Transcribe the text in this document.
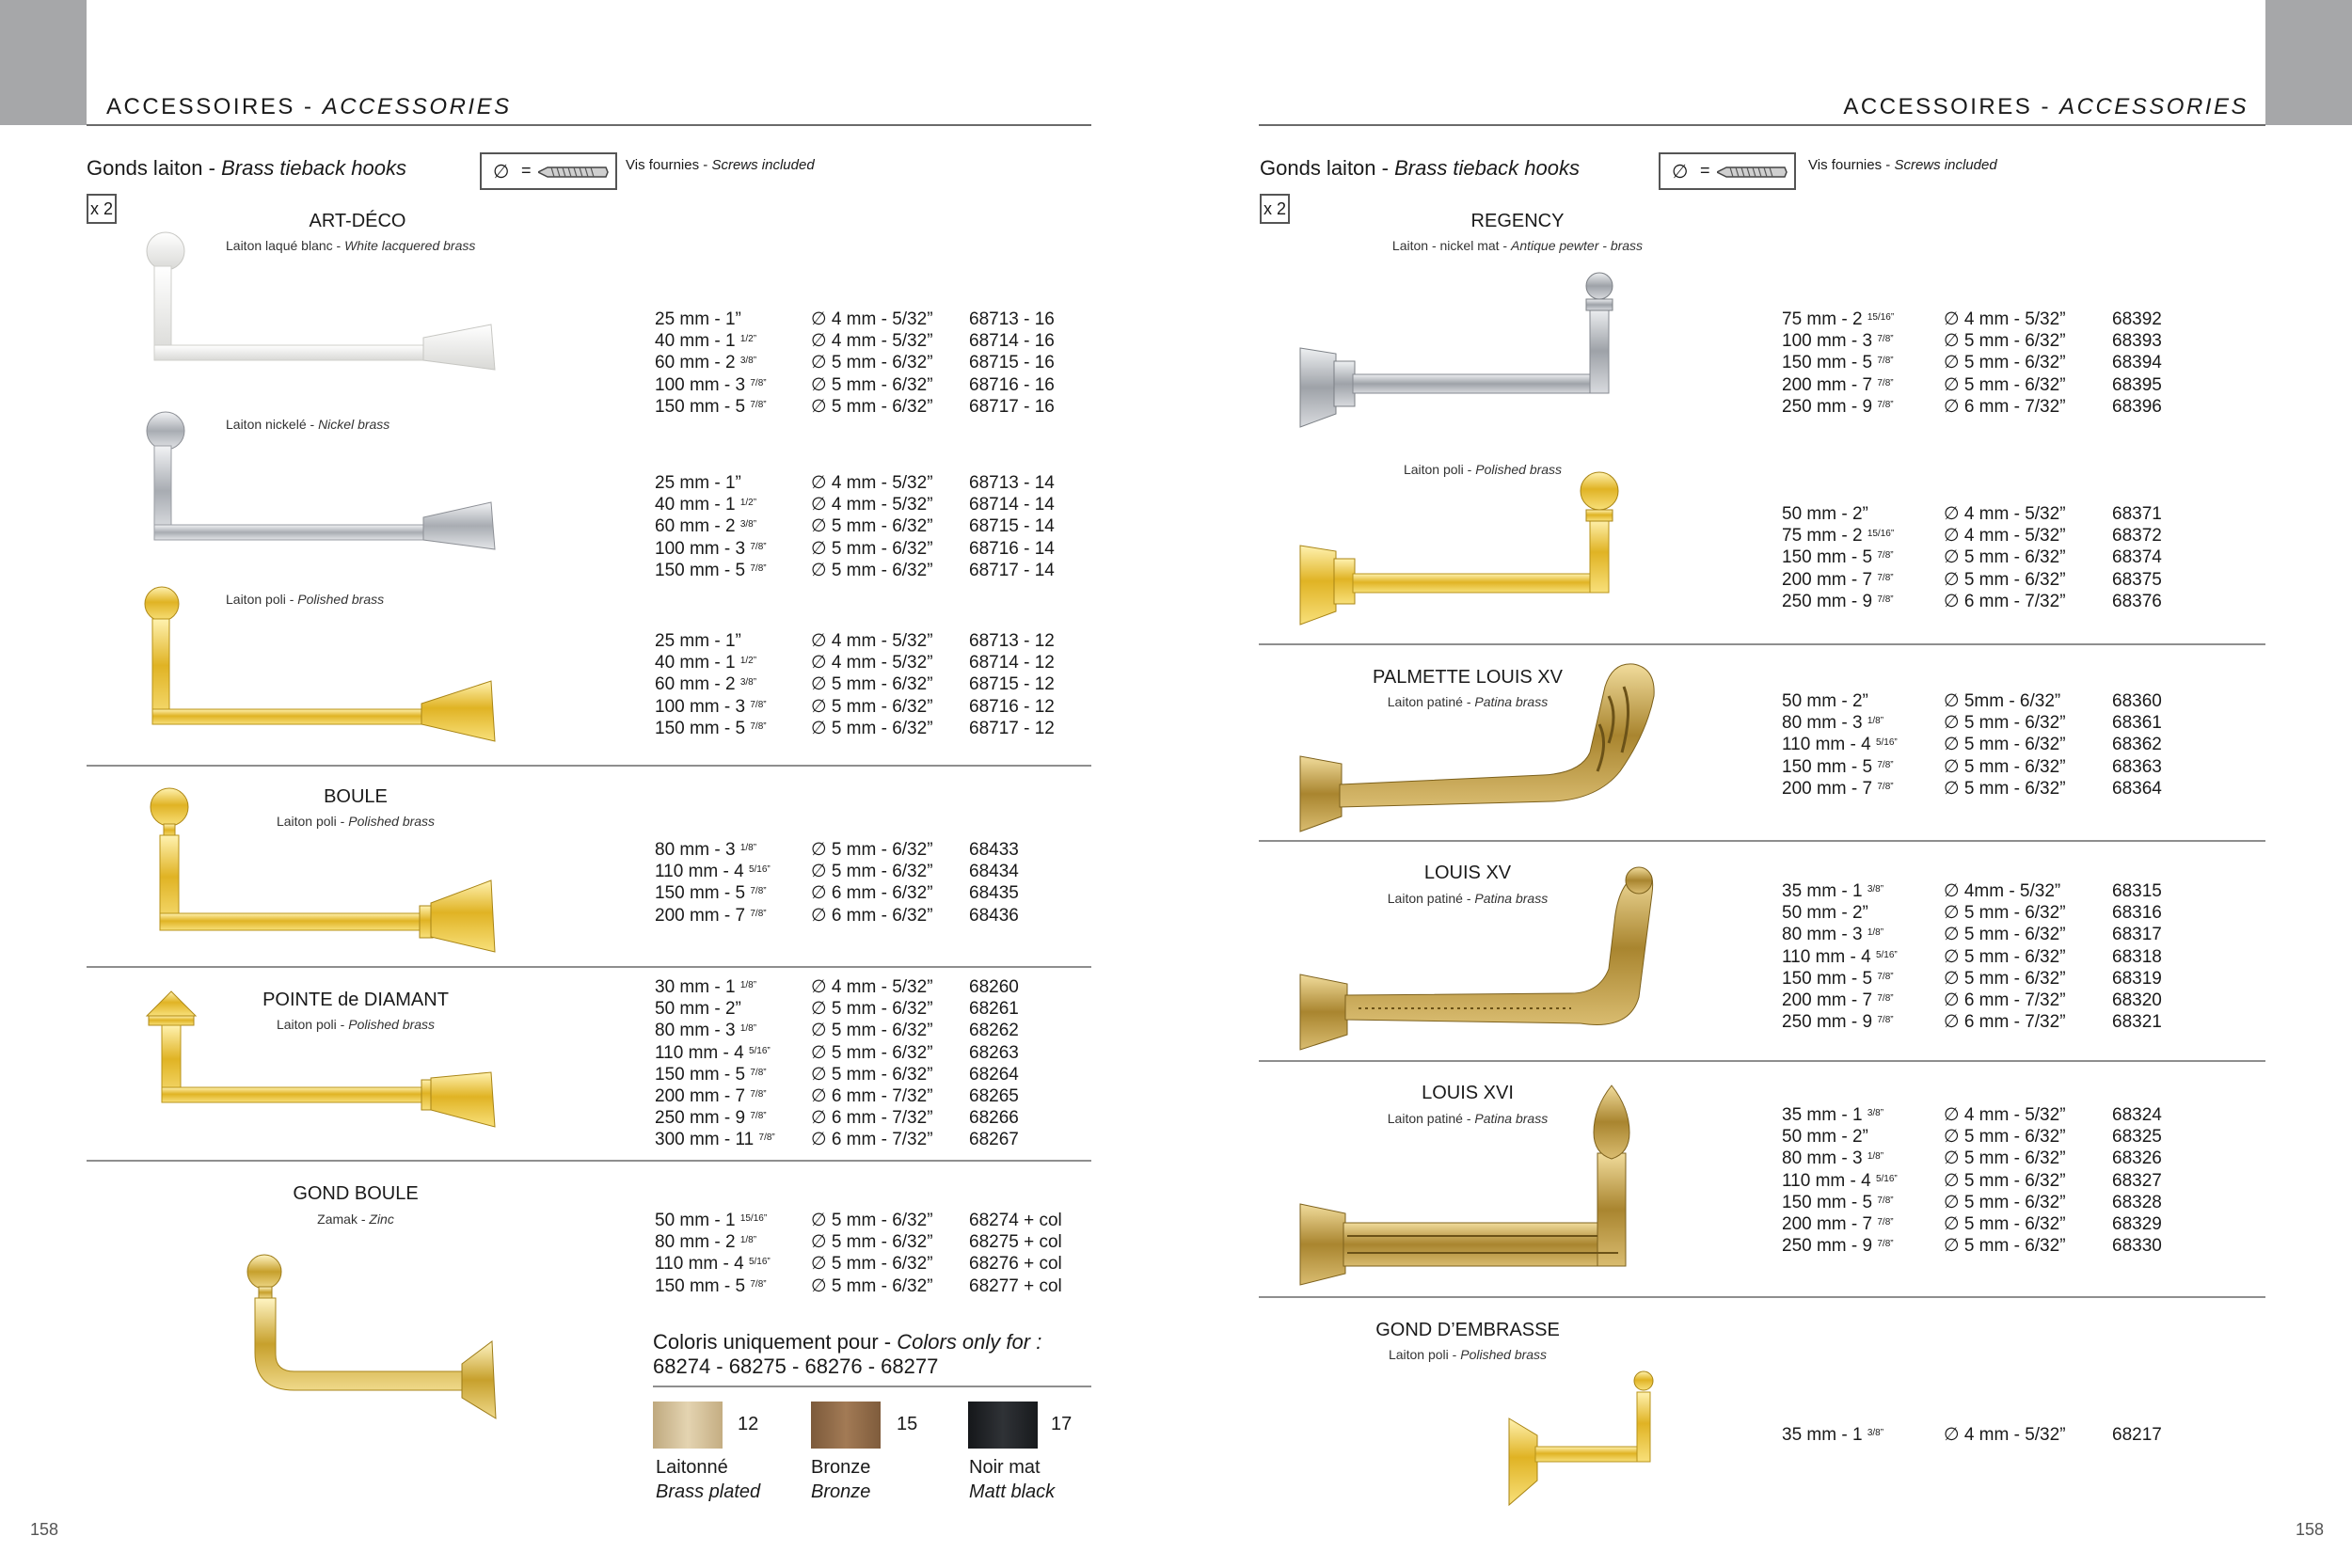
ACCESSOIRES - ACCESSORIES	ACCESSOIRES - ACCESSORIES
Gonds laiton - Brass tieback hooks	∅ =	Vis fournies - Screws included
x 2
Gonds laiton - Brass tieback hooks	∅ =	Vis fournies - Screws included
x 2
ART-DÉCO
Laiton laqué blanc - White lacquered brass
25 mm - 1”	∅ 4 mm - 5/32” 68713 - 16
40 mm - 1 $^{1/2”}$	∅ 4 mm - 5/32” 68714 - 16
60 mm - 2 $^{3/8”}$	∅ 5 mm - 6/32” 68715 - 16
100 mm - 3 $^{7/8”}$ ∅ 5 mm - 6/32” 68716 - 16
150 mm - 5 $^{7/8”}$ ∅ 5 mm - 6/32” 68717 - 16
Laiton nickelé - Nickel brass
25 mm - 1”	∅ 4 mm - 5/32” 68713 - 14
40 mm - 1 $^{1/2”}$	∅ 4 mm - 5/32” 68714 - 14
60 mm - 2 $^{3/8”}$	∅ 5 mm - 6/32” 68715 - 14
100 mm - 3 $^{7/8”}$ ∅ 5 mm - 6/32” 68716 - 14
150 mm - 5 $^{7/8”}$ ∅ 5 mm - 6/32” 68717 - 14
Laiton poli - Polished brass
25 mm - 1”	∅ 4 mm - 5/32” 68713 - 12
40 mm - 1 $^{1/2”}$	∅ 4 mm - 5/32” 68714 - 12
60 mm - 2 $^{3/8”}$	∅ 5 mm - 6/32” 68715 - 12
100 mm - 3 $^{7/8”}$ ∅ 5 mm - 6/32” 68716 - 12
150 mm - 5 $^{7/8”}$ ∅ 5 mm - 6/32” 68717 - 12
BOULE
Laiton poli - Polished brass
80 mm - 3 $^{1/8”}$	∅ 5 mm - 6/32” 68433
110 mm - 4 $^{5/16”}$ ∅ 5 mm - 6/32” 68434
150 mm - 5 $^{7/8”}$ ∅ 6 mm - 6/32” 68435
200 mm - 7 $^{7/8”}$ ∅ 6 mm - 6/32” 68436
POINTE de DIAMANT
Laiton poli - Polished brass
30 mm - 1 $^{1/8”}$	∅ 4 mm - 5/32” 68260
50 mm - 2”	∅ 5 mm - 6/32” 68261
80 mm - 3 $^{1/8”}$	∅ 5 mm - 6/32” 68262
110 mm - 4 $^{5/16”}$ ∅ 5 mm - 6/32” 68263
150 mm - 5 $^{7/8”}$ ∅ 5 mm - 6/32” 68264
200 mm - 7 $^{7/8”}$ ∅ 6 mm - 7/32” 68265
250 mm - 9 $^{7/8”}$ ∅ 6 mm - 7/32” 68266
300 mm - 11 $^{7/8”}$ ∅ 6 mm - 7/32” 68267
GOND BOULE
Zamak - Zinc	50 mm - 1 $^{15/16”}$ ∅ 5 mm - 6/32” 68274 + col
80 mm - 2 $^{1/8”}$	∅ 5 mm - 6/32” 68275 + col
110 mm - 4 $^{5/16”}$ ∅ 5 mm - 6/32” 68276 + col
150 mm - 5 $^{7/8”}$ ∅ 5 mm - 6/32” 68277 + col
Coloris uniquement pour - Colors only for :
68274 - 68275 - 68276 - 68277
12
Laitonné
Brass plated
15
Bronze
Bronze
17
Noir mat
Matt black
158
REGENCY
Laiton - nickel mat - Antique pewter - brass
75 mm - 2 $^{15/16”}$	∅ 4 mm - 5/32”	68392
100 mm - 3 $^{7/8”}$	∅ 5 mm - 6/32”	68393
150 mm - 5 $^{7/8”}$	∅ 5 mm - 6/32”	68394
200 mm - 7 $^{7/8”}$	∅ 5 mm - 6/32”	68395
250 mm - 9 $^{7/8”}$	∅ 6 mm - 7/32”	68396
Laiton poli - Polished brass
50 mm - 2”	∅ 4 mm - 5/32”	68371
75 mm - 2 $^{15/16”}$	∅ 4 mm - 5/32”	68372
150 mm - 5 $^{7/8”}$	∅ 5 mm - 6/32”	68374
200 mm - 7 $^{7/8”}$	∅ 5 mm - 6/32”	68375
250 mm - 9 $^{7/8”}$	∅ 6 mm - 7/32”	68376
PALMETTE LOUIS XV
Laiton patiné - Patina brass	50 mm - 2”	∅ 5mm - 6/32”	68360
80 mm - 3 $^{1/8”}$	∅ 5 mm - 6/32”	68361
110 mm - 4 $^{5/16”}$	∅ 5 mm - 6/32”	68362
150 mm - 5 $^{7/8”}$	∅ 5 mm - 6/32”	68363
200 mm - 7 $^{7/8”}$	∅ 5 mm - 6/32”	68364
LOUIS XV
Laiton patiné - Patina brass	35 mm - 1 $^{3/8”}$	∅ 4mm - 5/32”	68315
50 mm - 2”	∅ 5 mm - 6/32”	68316
80 mm - 3 $^{1/8”}$	∅ 5 mm - 6/32”	68317
110 mm - 4 $^{5/16”}$	∅ 5 mm - 6/32”	68318
150 mm - 5 $^{7/8”}$	∅ 5 mm - 6/32”	68319
200 mm - 7 $^{7/8”}$	∅ 6 mm - 7/32”	68320
250 mm - 9 $^{7/8”}$	∅ 6 mm - 7/32”	68321
LOUIS XVI
Laiton patiné - Patina brass	35 mm - 1 $^{3/8”}$	∅ 4 mm - 5/32”	68324
50 mm - 2”	∅ 5 mm - 6/32”	68325
80 mm - 3 $^{1/8”}$	∅ 5 mm - 6/32”	68326
110 mm - 4 $^{5/16”}$	∅ 5 mm - 6/32”	68327
150 mm - 5 $^{7/8”}$	∅ 5 mm - 6/32”	68328
200 mm - 7 $^{7/8”}$	∅ 5 mm - 6/32”	68329
250 mm - 9 $^{7/8”}$	∅ 5 mm - 6/32”	68330
GOND D’EMBRASSE
Laiton poli - Polished brass
35 mm - 1 $^{3/8”}$	∅ 4 mm - 5/32”	68217
158
